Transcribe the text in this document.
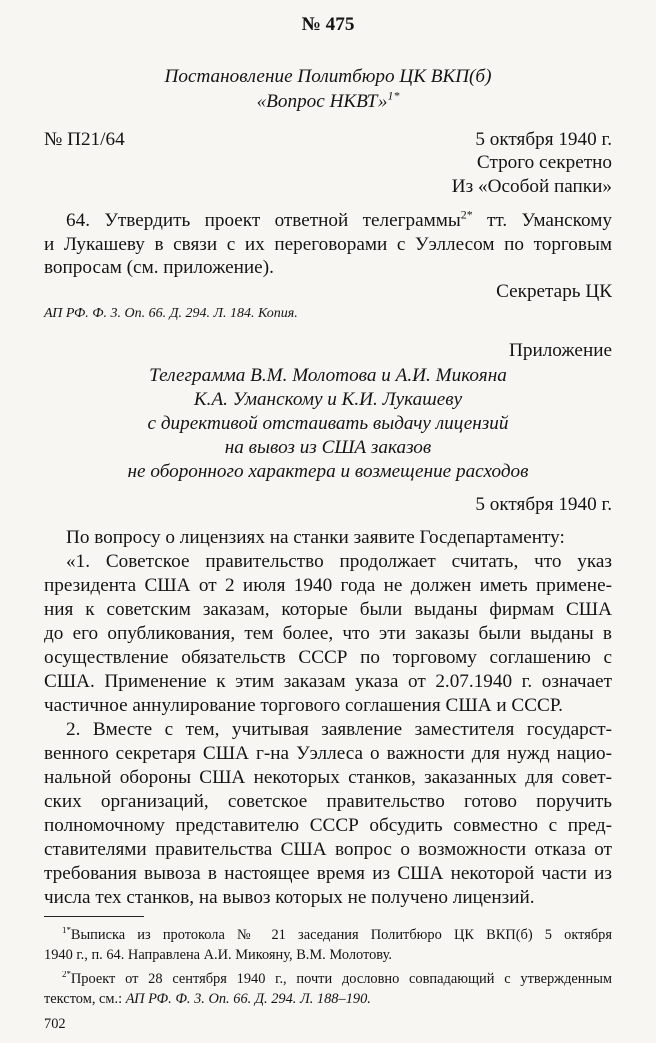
№ 475
Постановление Политбюро ЦК ВКП(б)
«Вопрос НКВТ»$^{1*}$
№ П21/64	5 октября 1940 г.
Строго секретно
Из «Особой папки»
64. Утвердить проект ответной телеграммы$^{2*}$ тт. Уманскому
и Лукашеву в связи с их переговорами с Уэллесом по торговым
вопросам (см. приложение).
Секретарь ЦК
АП РФ. Ф. 3. Оп. 66. Д. 294. Л. 184. Копия.
Приложение
Телеграмма В.М. Молотова и А.И. Микояна
К.А. Уманскому и К.И. Лукашеву
с директивой отстаивать выдачу лицензий
на вывоз из США заказов
не оборонного характера и возмещение расходов
5 октября 1940 г.
По вопросу о лицензиях на станки заявите Госдепартаменту:
«1. Советское правительство продолжает считать, что указ
президента США от 2 июля 1940 года не должен иметь примене-
ния к советским заказам, которые были выданы фирмам США
до его опубликования, тем более, что эти заказы были выданы в
осуществление обязательств СССР по торговому соглашению с
США. Применение к этим заказам указа от 2.07.1940 г. означает
частичное аннулирование торгового соглашения США и СССР.
2. Вместе с тем, учитывая заявление заместителя государст-
венного секретаря США г-на Уэллеса о важности для нужд нацио-
нальной обороны США некоторых станков, заказанных для совет-
ских организаций, советское правительство готово поручить
полномочному представителю СССР обсудить совместно с пред-
ставителями правительства США вопрос о возможности отказа от
требования вывоза в настоящее время из США некоторой части из
числа тех станков, на вывоз которых не получено лицензий.
$^{1*}$Выписка из протокола № 21 заседания Политбюро ЦК ВКП(б) 5 октября
1940 г., п. 64. Направлена А.И. Микояну, В.М. Молотову.
$^{2*}$Проект от 28 сентября 1940 г., почти дословно совпадающий с утвержденным
текстом, см.: АП РФ. Ф. 3. Оп. 66. Д. 294. Л. 188–190.
702
